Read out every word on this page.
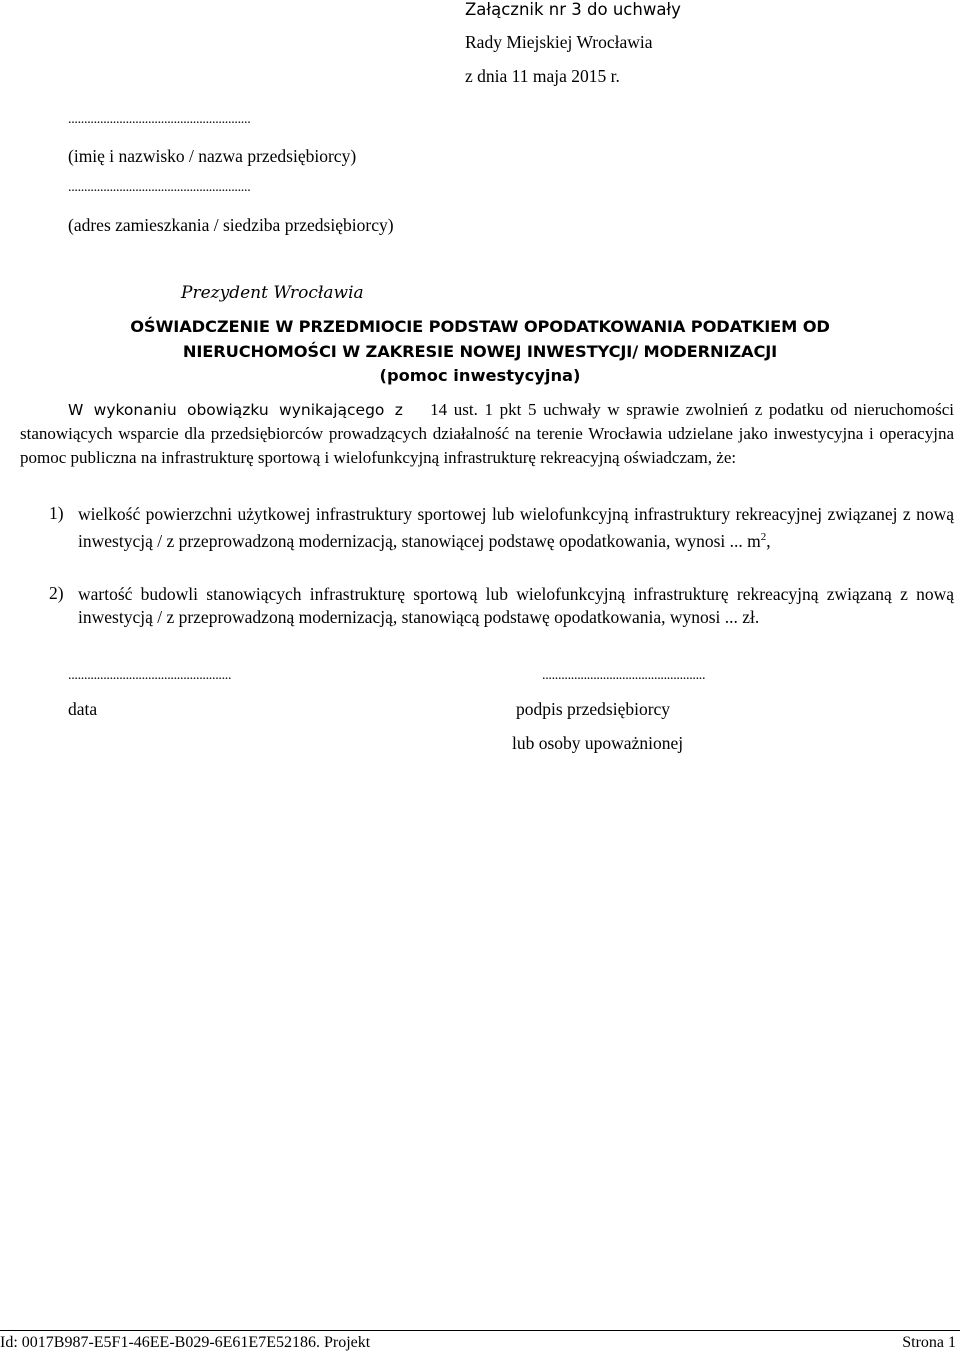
Załącznik nr 3 do uchwały
Rady Miejskiej Wrocławia
z dnia 11 maja 2015 r.
.........................................................
(imię i nazwisko / nazwa przedsiębiorcy)
.........................................................
(adres zamieszkania / siedziba przedsiębiorcy)
Prezydent Wrocławia
OŚWIADCZENIE W PRZEDMIOCIE PODSTAW OPODATKOWANIA PODATKIEM OD
NIERUCHOMOŚCI W ZAKRESIE NOWEJ INWESTYCJI/ MODERNIZACJI
(pomoc inwestycyjna)
W wykonaniu obowiązku wynikającego z 14 ust. 1 pkt 5 uchwały w sprawie zwolnień z podatku od nieruchomości stanowiących wsparcie dla przedsiębiorców prowadzących działalność na terenie Wrocławia udzielane jako inwestycyjna i operacyjna pomoc publiczna na infrastrukturę sportową i wielofunkcyjną infrastrukturę rekreacyjną oświadczam, że:
1) wielkość powierzchni użytkowej infrastruktury sportowej lub wielofunkcyjną infrastruktury rekreacyjnej związanej z nową inwestycją / z przeprowadzoną modernizacją, stanowiącej podstawę opodatkowania, wynosi ... $m^2$,
2) wartość budowli stanowiących infrastrukturę sportową lub wielofunkcyjną infrastrukturę rekreacyjną związaną z nową inwestycją / z przeprowadzoną modernizacją, stanowiącą podstawę opodatkowania, wynosi ... zł.
...................................................
data
...................................................
podpis przedsiębiorcy
lub osoby upoważnionej
Id: 0017B987-E5F1-46EE-B029-6E61E7E52186. Projekt	Strona 1
